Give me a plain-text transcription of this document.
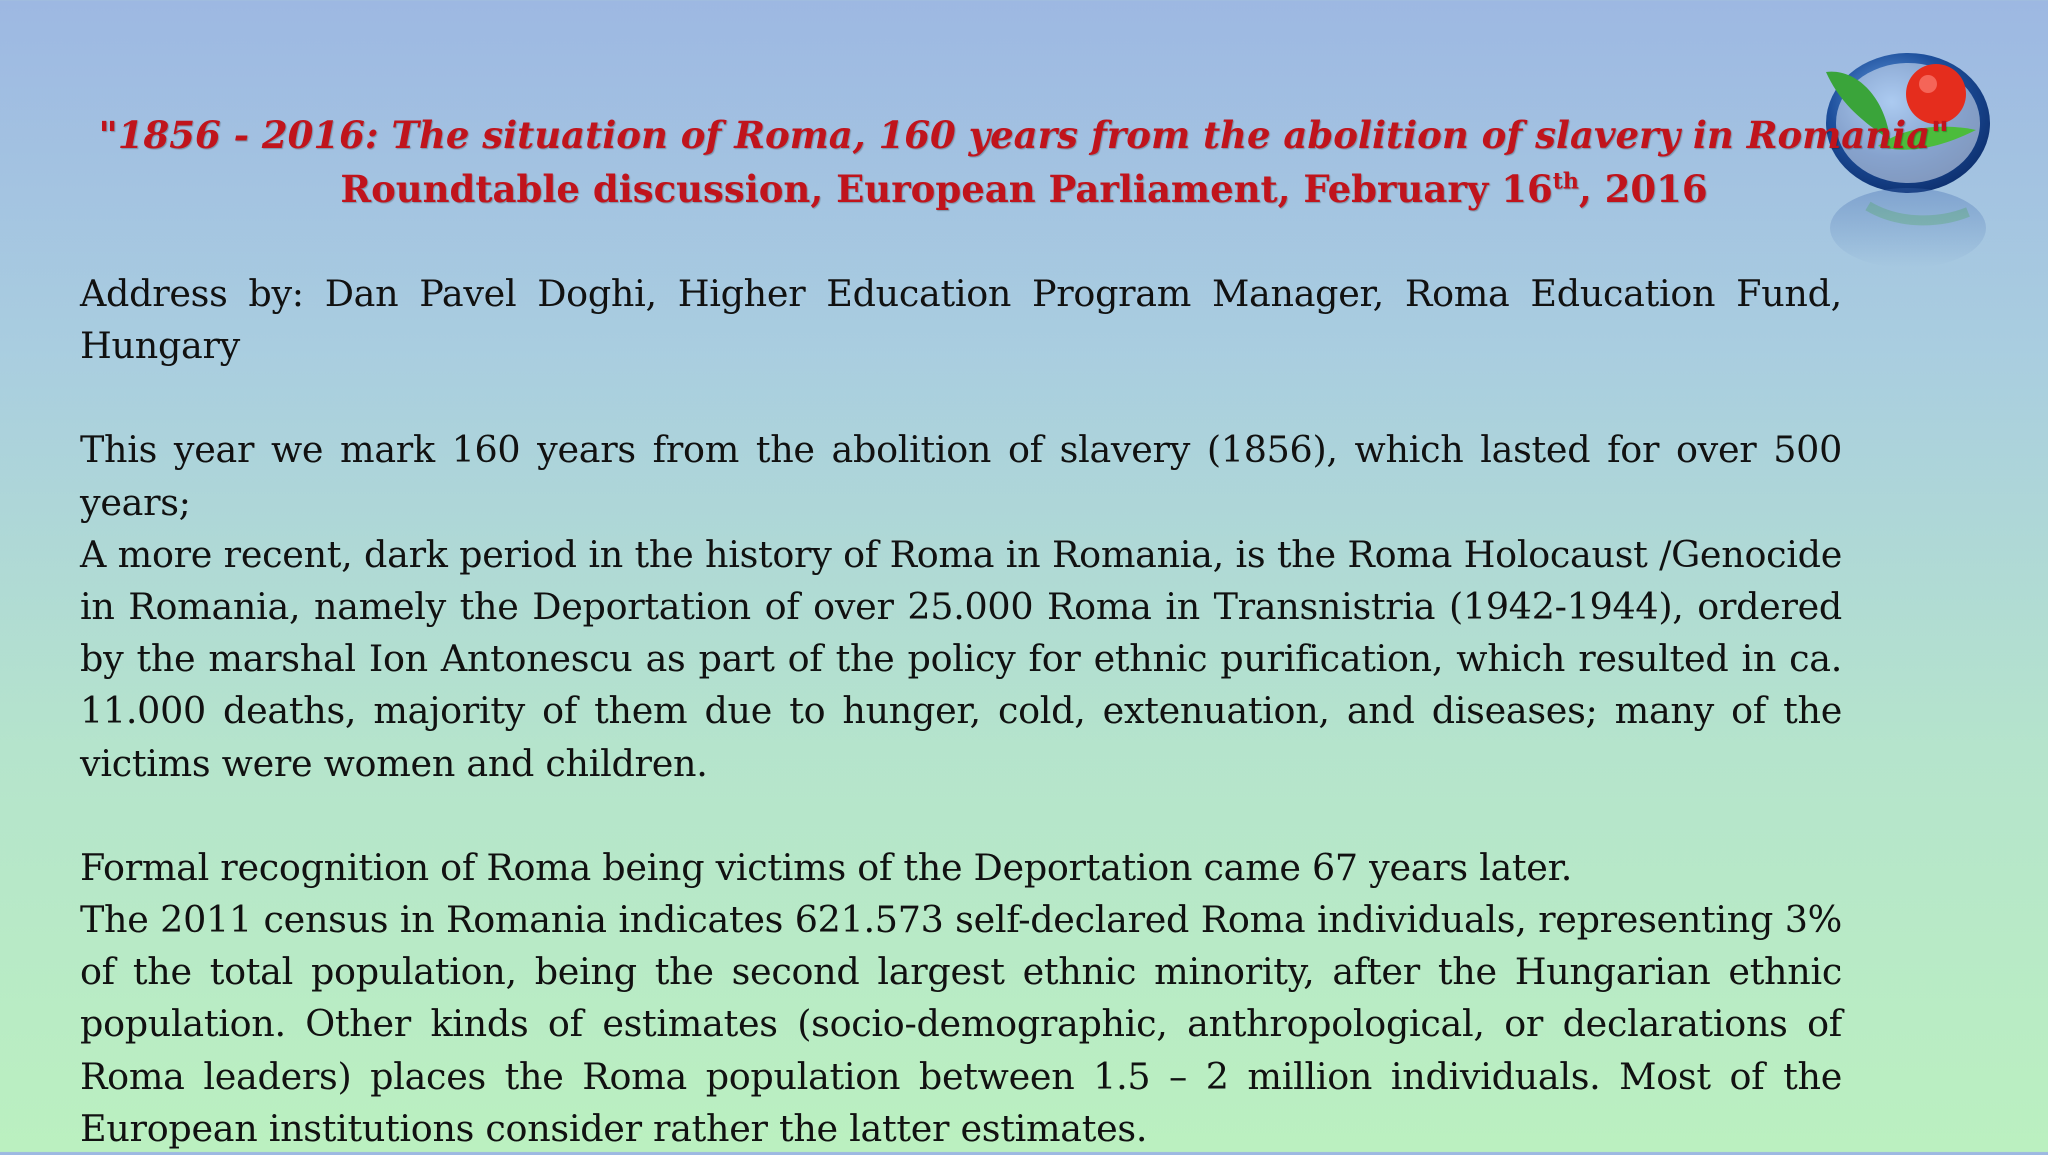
"1856 - 2016: The situation of Roma, 160 years from the abolition of slavery in Romania"
Roundtable discussion, European Parliament, February 16th, 2016

Address by: Dan Pavel Doghi, Higher Education Program Manager, Roma Education Fund, Hungary

This year we mark 160 years from the abolition of slavery (1856), which lasted for over 500 years;

A more recent, dark period in the history of Roma in Romania, is the Roma Holocaust /Genocide in Romania, namely the Deportation of over 25.000 Roma in Transnistria (1942-1944), ordered by the marshal Ion Antonescu as part of the policy for ethnic purification, which resulted in ca. 11.000 deaths, majority of them due to hunger, cold, extenuation, and diseases; many of the victims were women and children.

Formal recognition of Roma being victims of the Deportation came 67 years later.

The 2011 census in Romania indicates 621.573 self-declared Roma individuals, representing 3% of the total population, being the second largest ethnic minority, after the Hungarian ethnic population. Other kinds of estimates (socio-demographic, anthropological, or declarations of Roma leaders) places the Roma population between 1.5 – 2 million individuals. Most of the European institutions consider rather the latter estimates.
